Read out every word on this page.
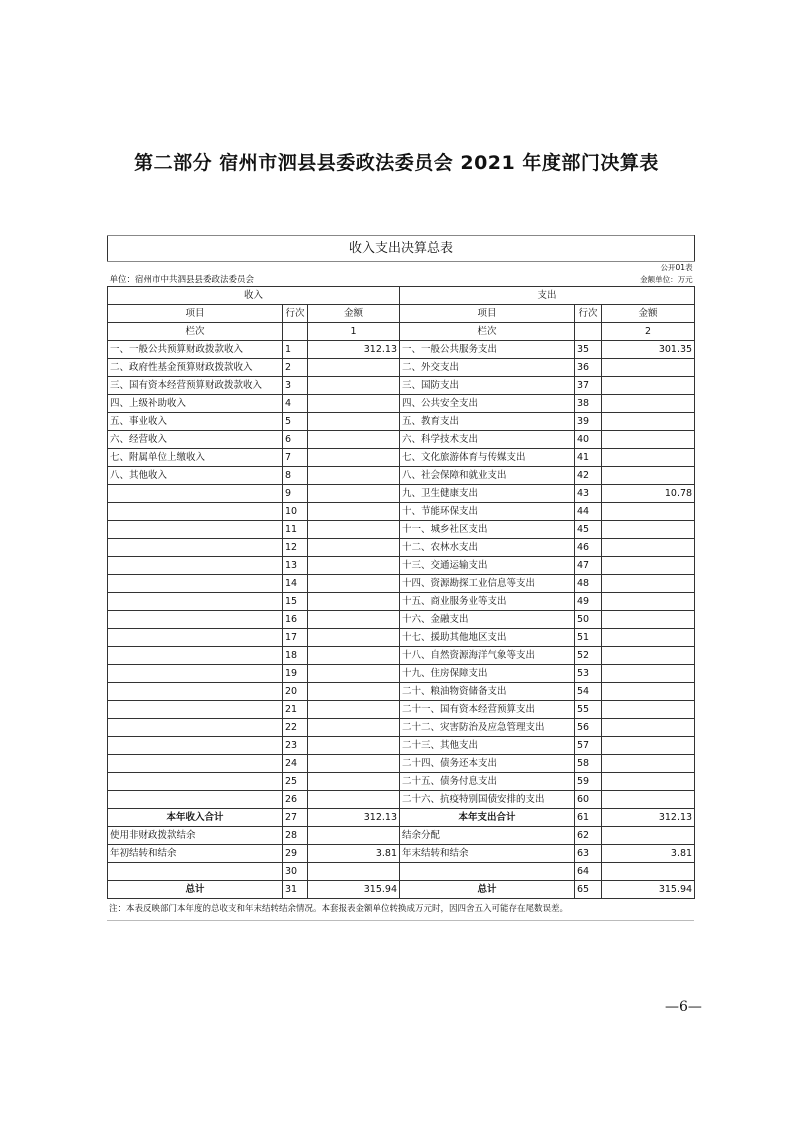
第二部分 宿州市泗县县委政法委员会 2021 年度部门决算表
收入支出决算总表					
					公开01表
单位：宿州市中共泗县县委政法委员会				金额单位：万元	
收入			支出		
项目	行次	金额	项目	行次	金额
栏次		1	栏次		2
一、一般公共预算财政拨款收入	1	312.13	一、一般公共服务支出	35	301.35
二、政府性基金预算财政拨款收入	2		二、外交支出	36	
三、国有资本经营预算财政拨款收入	3		三、国防支出	37	
四、上级补助收入	4		四、公共安全支出	38	
五、事业收入	5		五、教育支出	39	
六、经营收入	6		六、科学技术支出	40	
七、附属单位上缴收入	7		七、文化旅游体育与传媒支出	41	
八、其他收入	8		八、社会保障和就业支出	42	
	9		九、卫生健康支出	43	10.78
	10		十、节能环保支出	44	
	11		十一、城乡社区支出	45	
	12		十二、农林水支出	46	
	13		十三、交通运输支出	47	
	14		十四、资源勘探工业信息等支出	48	
	15		十五、商业服务业等支出	49	
	16		十六、金融支出	50	
	17		十七、援助其他地区支出	51	
	18		十八、自然资源海洋气象等支出	52	
	19		十九、住房保障支出	53	
	20		二十、粮油物资储备支出	54	
	21		二十一、国有资本经营预算支出	55	
	22		二十二、灾害防治及应急管理支出	56	
	23		二十三、其他支出	57	
	24		二十四、债务还本支出	58	
	25		二十五、债务付息支出	59	
	26		二十六、抗疫特别国债安排的支出	60	
本年收入合计	27	312.13	本年支出合计	61	312.13
使用非财政拨款结余	28		结余分配	62	
年初结转和结余	29	3.81	年末结转和结余	63	3.81
	30			64	
总计	31	315.94	总计	65	315.94
注：本表反映部门本年度的总收支和年末结转结余情况。本套报表金额单位转换成万元时，因四舍五入可能存在尾数误差。
—6—
